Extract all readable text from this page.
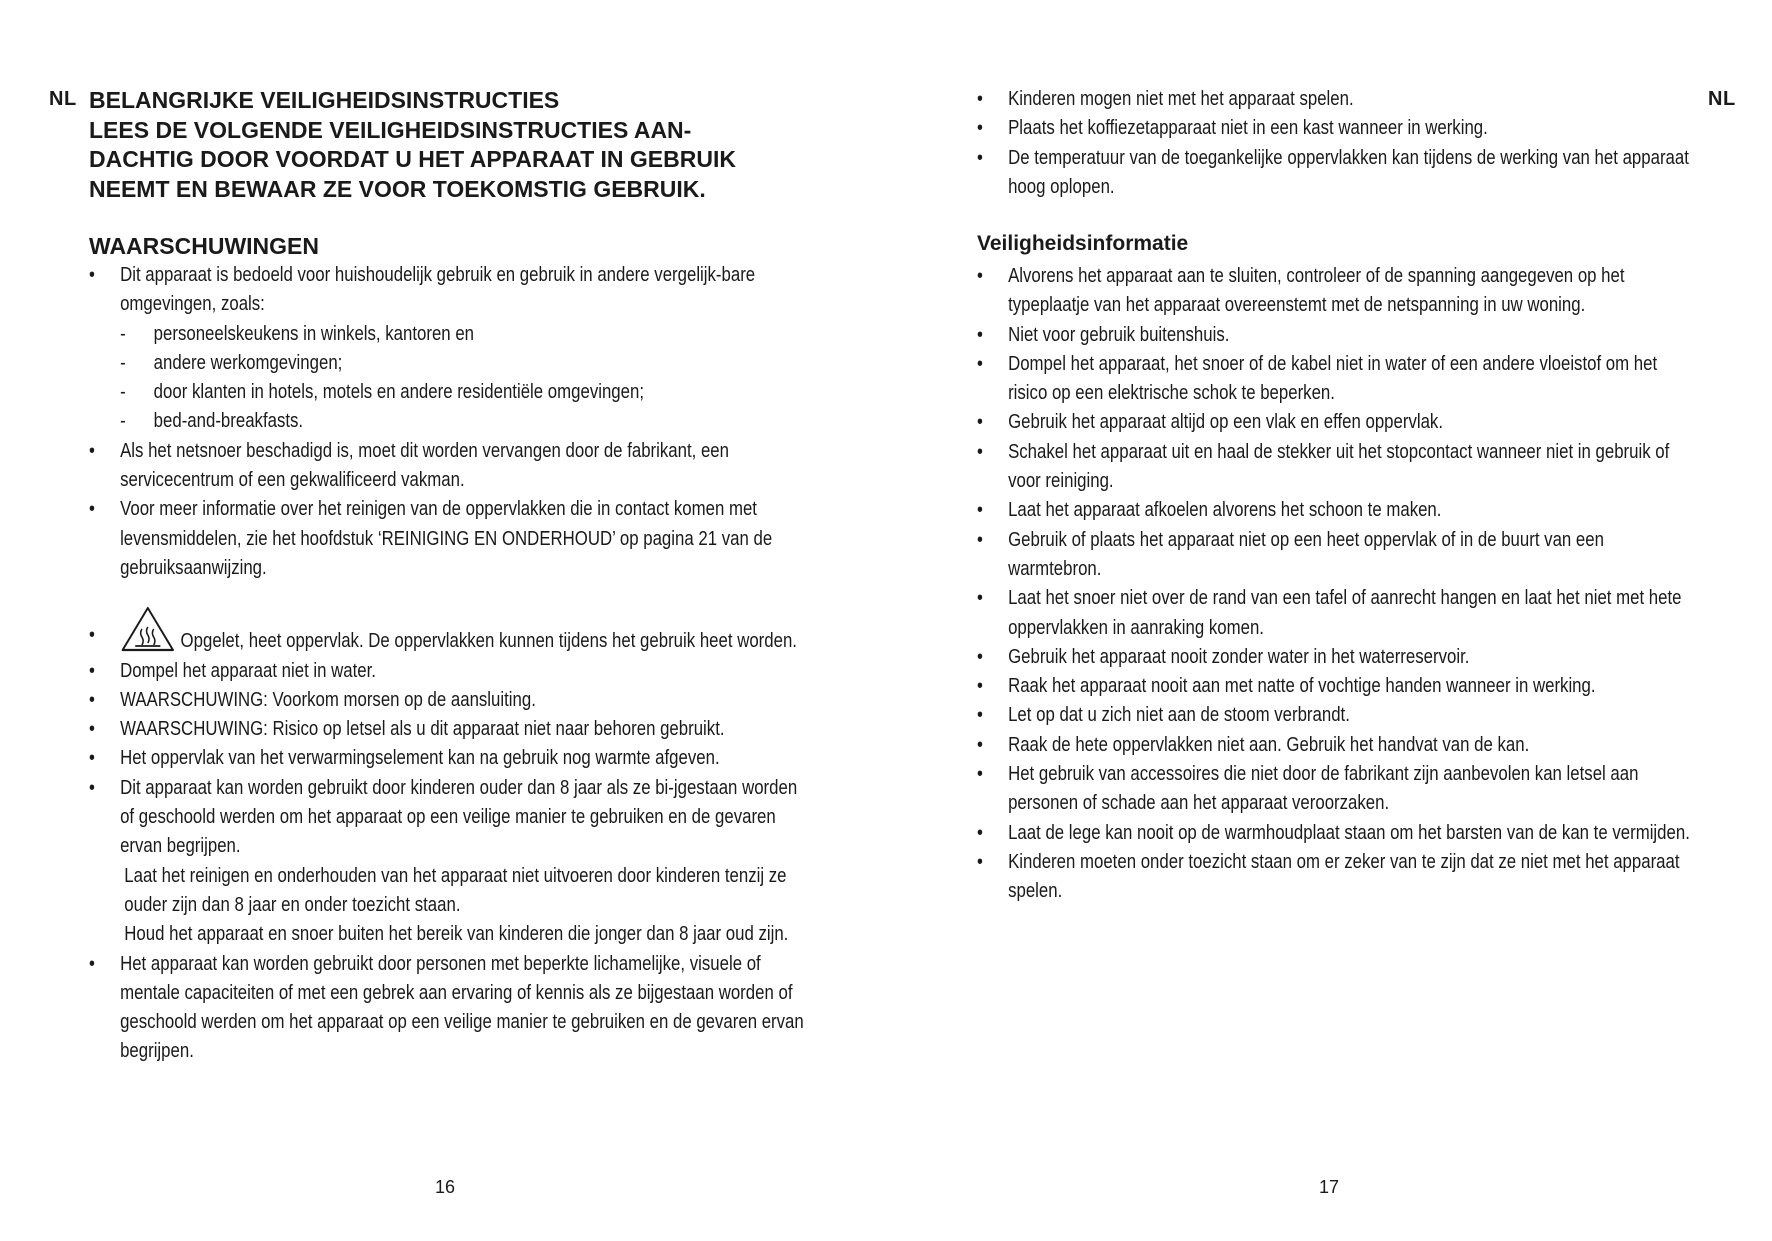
NL BELANGRIJKE VEILIGHEIDSINSTRUCTIES

LEES DE VOLGENDE VEILIGHEIDSINSTRUCTIES AAN-

DACHTIG DOOR VOORDAT U HET APPARAAT IN GEBRUIK

NEEMT EN BEWAAR ZE VOOR TOEKOMSTIG GEBRUIK.

WAARSCHUWINGEN
•	Dit apparaat is bedoeld voor huishoudelijk gebruik en gebruik in andere vergelijk-bare omgevingen, zoals:
- personeelskeukens in winkels, kantoren en
- andere werkomgevingen;
- door klanten in hotels, motels en andere residentiële omgevingen;
- bed-and-breakfasts.
•	Als het netsnoer beschadigd is, moet dit worden vervangen door de fabrikant, een servicecentrum of een gekwalificeerd vakman.
•	Voor meer informatie over het reinigen van de oppervlakken die in contact komen met levensmiddelen, zie het hoofdstuk ‘REINIGING EN ONDERHOUD’ op pagina 21 van de gebruiksaanwijzing.
•	Opgelet, heet oppervlak. De oppervlakken kunnen tijdens het gebruik heet worden.
•	Dompel het apparaat niet in water.
•	WAARSCHUWING: Voorkom morsen op de aansluiting.
•	WAARSCHUWING: Risico op letsel als u dit apparaat niet naar behoren gebruikt.
•	Het oppervlak van het verwarmingselement kan na gebruik nog warmte afgeven.
•	Dit apparaat kan worden gebruikt door kinderen ouder dan 8 jaar als ze bi-jgestaan worden of geschoold werden om het apparaat op een veilige manier te gebruiken en de gevaren ervan begrijpen.
Laat het reinigen en onderhouden van het apparaat niet uitvoeren door kinderen tenzij ze ouder zijn dan 8 jaar en onder toezicht staan.
Houd het apparaat en snoer buiten het bereik van kinderen die jonger dan 8 jaar oud zijn.
•	Het apparaat kan worden gebruikt door personen met beperkte lichamelijke, visuele of mentale capaciteiten of met een gebrek aan ervaring of kennis als ze bijgestaan worden of geschoold werden om het apparaat op een veilige manier te gebruiken en de gevaren ervan begrijpen.
16
NL
•	Kinderen mogen niet met het apparaat spelen.
•	Plaats het koffiezetapparaat niet in een kast wanneer in werking.
•	De temperatuur van de toegankelijke oppervlakken kan tijdens de werking van het apparaat hoog oplopen.
Veiligheidsinformatie
•	Alvorens het apparaat aan te sluiten, controleer of de spanning aangegeven op het typeplaatje van het apparaat overeenstemt met de netspanning in uw woning.
•	Niet voor gebruik buitenshuis.
•	Dompel het apparaat, het snoer of de kabel niet in water of een andere vloeistof om het risico op een elektrische schok te beperken.
•	Gebruik het apparaat altijd op een vlak en effen oppervlak.
•	Schakel het apparaat uit en haal de stekker uit het stopcontact wanneer niet in gebruik of voor reiniging.
•	Laat het apparaat afkoelen alvorens het schoon te maken.
•	Gebruik of plaats het apparaat niet op een heet oppervlak of in de buurt van een warmtebron.
•	Laat het snoer niet over de rand van een tafel of aanrecht hangen en laat het niet met hete oppervlakken in aanraking komen.
•	Gebruik het apparaat nooit zonder water in het waterreservoir.
•	Raak het apparaat nooit aan met natte of vochtige handen wanneer in werking.
•	Let op dat u zich niet aan de stoom verbrandt.
•	Raak de hete oppervlakken niet aan. Gebruik het handvat van de kan.
•	Het gebruik van accessoires die niet door de fabrikant zijn aanbevolen kan letsel aan personen of schade aan het apparaat veroorzaken.
•	Laat de lege kan nooit op de warmhoudplaat staan om het barsten van de kan te vermijden.
•	Kinderen moeten onder toezicht staan om er zeker van te zijn dat ze niet met het apparaat spelen.
17
